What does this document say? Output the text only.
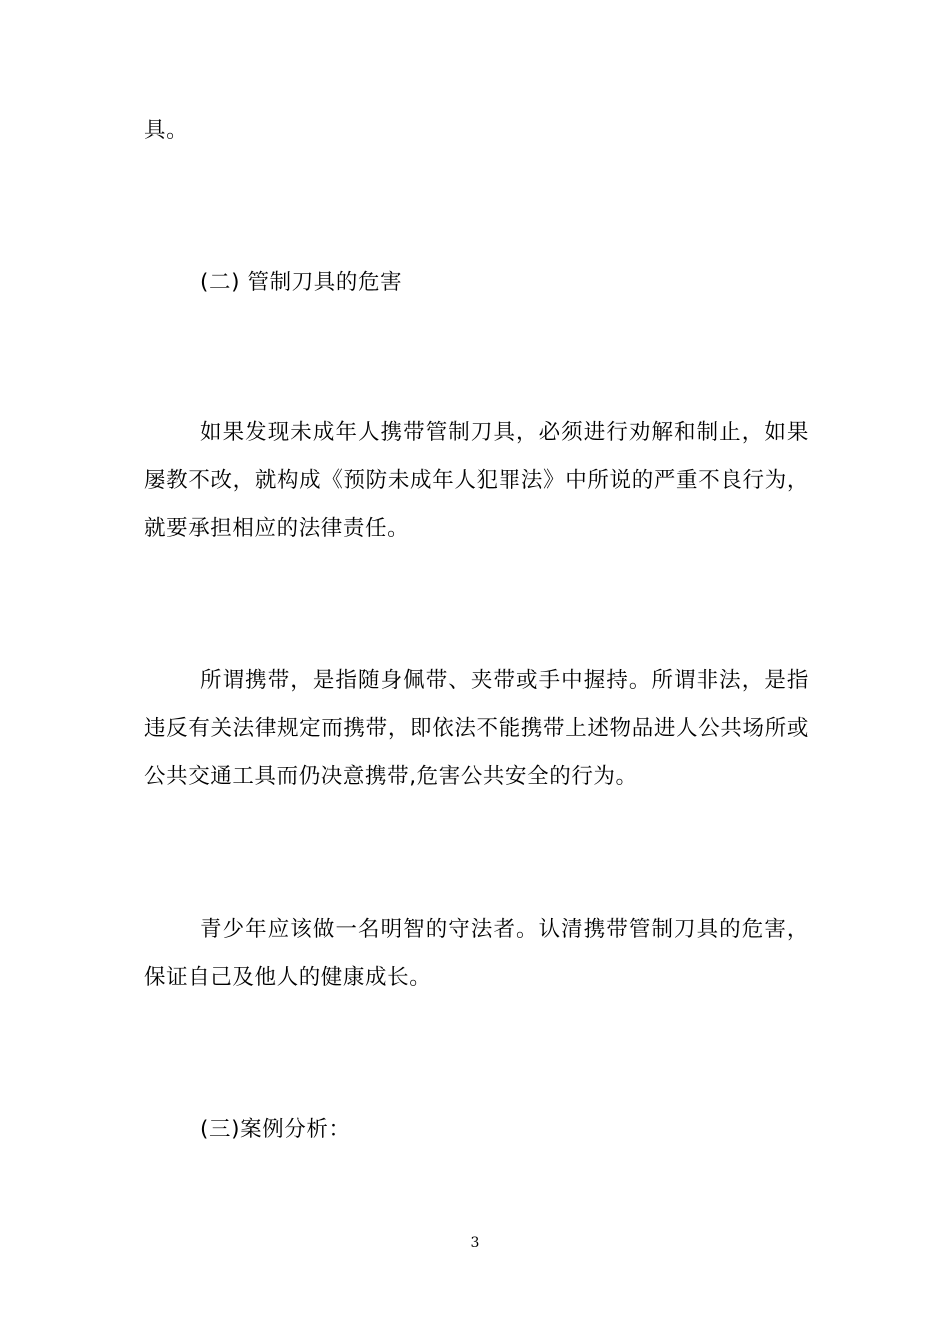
具。

(二) 管制刀具的危害

如果发现未成年人携带管制刀具，必须进行劝解和制止，如果屡教不改，就构成《预防未成年人犯罪法》中所说的严重不良行为，就要承担相应的法律责任。

所谓携带，是指随身佩带、夹带或手中握持。所谓非法，是指违反有关法律规定而携带，即依法不能携带上述物品进人公共场所或公共交通工具而仍决意携带,危害公共安全的行为。

青少年应该做一名明智的守法者。认清携带管制刀具的危害，保证自己及他人的健康成长。

(三)案例分析：

3
